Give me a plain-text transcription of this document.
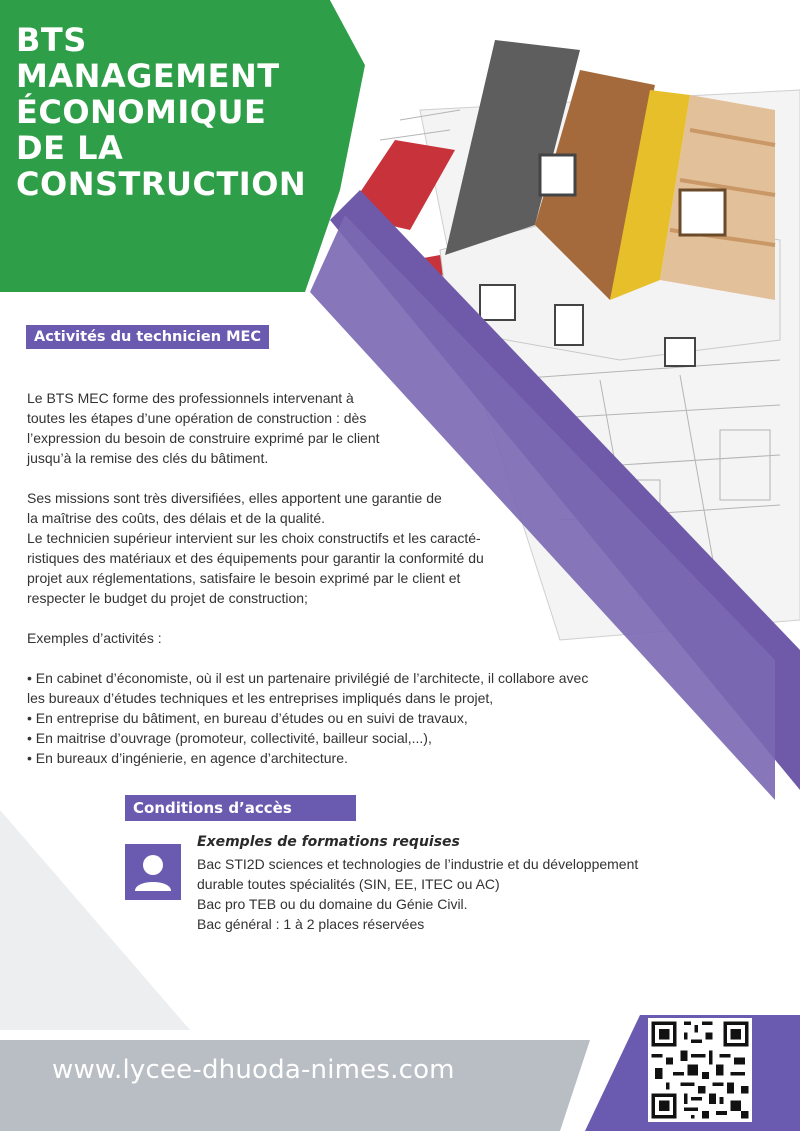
BTS
MANAGEMENT
ÉCONOMIQUE
DE LA
CONSTRUCTION
Activités du technicien MEC
Le BTS MEC forme des professionnels intervenant à
toutes les étapes d’une opération de construction : dès
l’expression du besoin de construire exprimé par le client
jusqu’à la remise des clés du bâtiment.
Ses missions sont très diversifiées, elles apportent une garantie de
la maîtrise des coûts, des délais et de la qualité.
Le technicien supérieur intervient sur les choix constructifs et les caracté-
ristiques des matériaux et des équipements pour garantir la conformité du
projet aux réglementations, satisfaire le besoin exprimé par le client et
respecter le budget du projet de construction;
Exemples d’activités :
• En cabinet d’économiste, où il est un partenaire privilégié de l’architecte, il collabore avec
les bureaux d’études techniques et les entreprises impliqués dans le projet,
• En entreprise du bâtiment, en bureau d’études ou en suivi de travaux,
• En maitrise d’ouvrage (promoteur, collectivité, bailleur social,...),
• En bureaux d’ingénierie, en agence d’architecture.
Conditions d’accès
Exemples de formations requises
Bac STI2D sciences et technologies de l’industrie et du développement
durable toutes spécialités (SIN, EE, ITEC ou AC)
Bac pro TEB ou du domaine du Génie Civil.
Bac général : 1 à 2 places réservées
www.lycee-dhuoda-nimes.com
